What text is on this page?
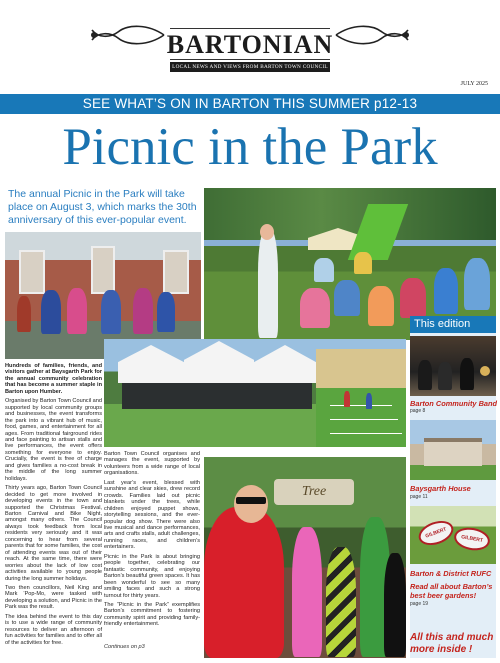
BARTONIAN
LOCAL NEWS AND VIEWS FROM BARTON TOWN COUNCIL
JULY 2025
SEE WHAT’S ON IN BARTON THIS SUMMER p12-13
Picnic in the Park
The annual Picnic in the Park will take place on August 3, which marks the 30th anniversary of this ever-popular event.
Tree

Hundreds of families, friends, and visitors gather at Baysgarth Park for the annual community celebration that has become a summer staple in Barton upon Humber.

Organised by Barton Town Council and supported by local community groups and businesses, the event transforms the park into a vibrant hub of music, food, games, and entertainment for all ages. From traditional fairground rides and face painting to artisan stalls and live performances, the event offers something for everyone to enjoy. Crucially, the event is free of charge and gives families a no-cost break in the middle of the long summer holidays.

Thirty years ago, Barton Town Council decided to get more involved in developing events in the town and supported the Christmas Festival, Barton Carnival and Bike Night, amongst many others. The Council always took feedback from local residents very seriously and it was concerning to hear from several parents that for some families, the cost of attending events was out of their reach. At the same time, there were worries about the lack of low cost activities available to young people during the long summer holidays.

Two then councillors, Neil King and Mark ‘Pop-Mo, were tasked with developing a solution, and Picnic in the Park was the result.

The idea behind the event to this day is to use a wide range of community resources to deliver an afternoon of fun activities for families and to offer all of the activities for free.

Barton Town Council organises and manages the event, supported by volunteers from a wide range of local organisations.

Last year’s event, blessed with sunshine and clear skies, drew record crowds. Families laid out picnic blankets under the trees, while children enjoyed puppet shows, storytelling sessions, and the ever-popular dog show. There were also live musical and dance performances, arts and crafts stalls, adult challenges, running races, and children’s entertainers.

Picnic in the Park is about bringing people together, celebrating our fantastic community, and enjoying Barton’s beautiful green spaces. It has been wonderful to see so many smiling faces and such a strong turnout for thirty years.

The “Picnic in the Park” exemplifies Barton’s commitment to fostering community spirit and providing family-friendly entertainment.

Continues on p3
This edition
Barton Community Band
page 8
Baysgarth House
page 11
GILBERT	GILBERT
Barton & District RUFC
Read all about Barton’s best beer gardens!
page 19
All this and much more inside !
